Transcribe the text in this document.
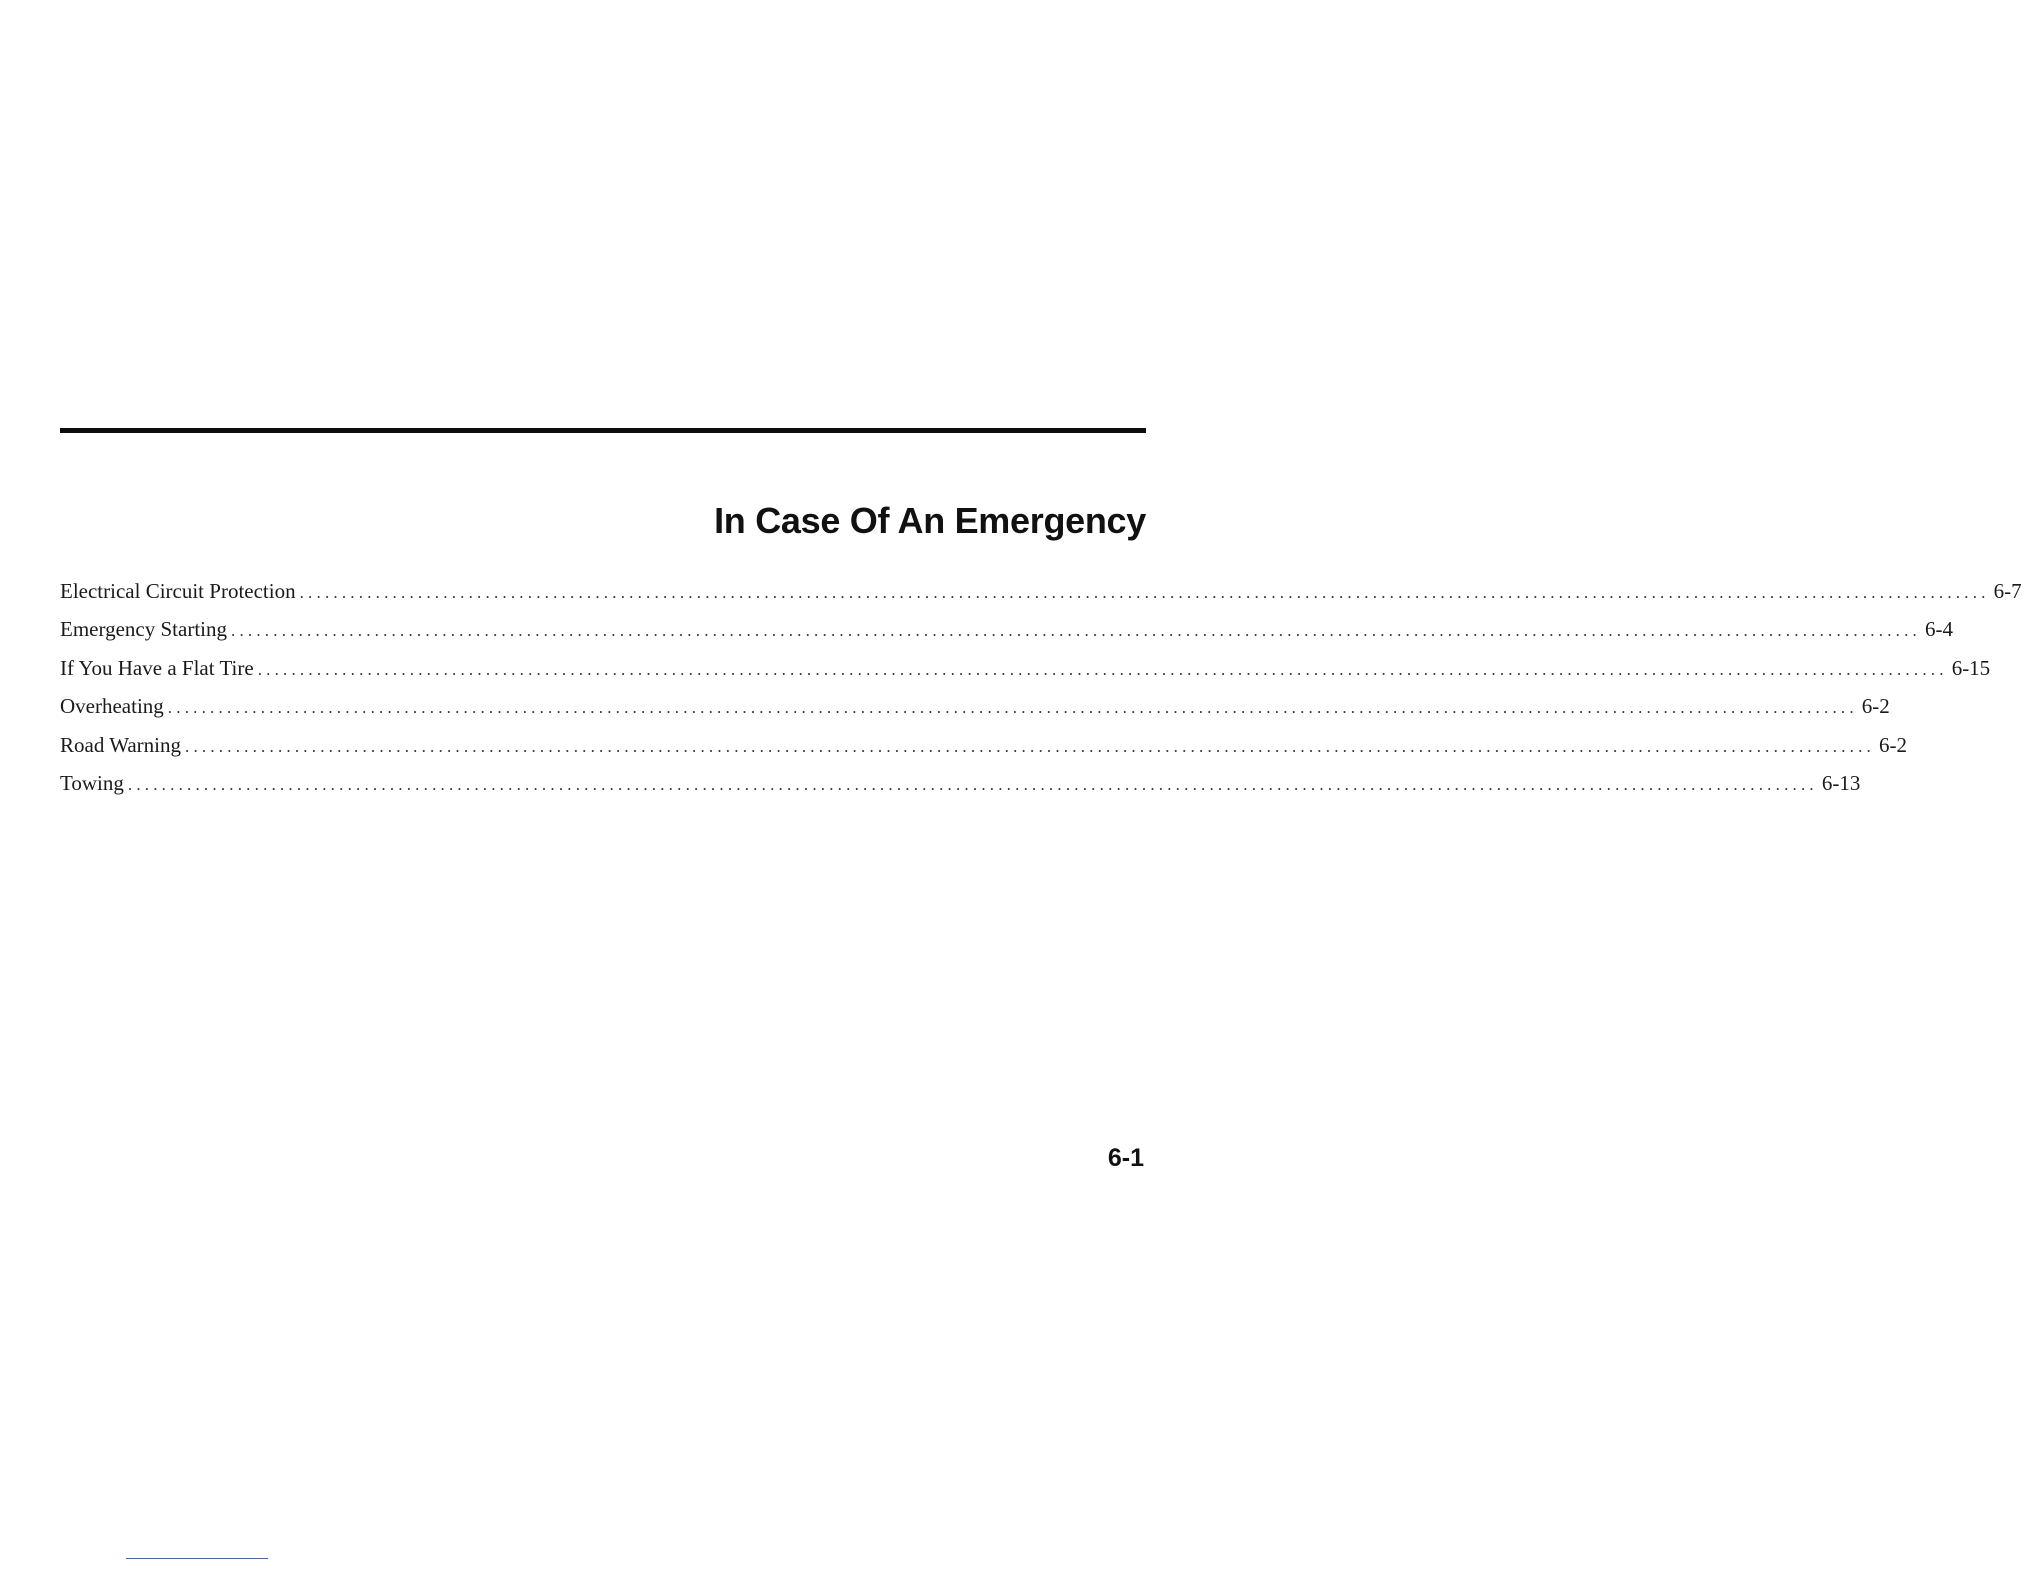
In Case Of An Emergency
Electrical Circuit Protection ........................................................................................................................................................................................................ 6-7
Emergency Starting ........................................................................................................................................................................................................ 6-4
If You Have a Flat Tire ........................................................................................................................................................................................................ 6-15
Overheating ........................................................................................................................................................................................................ 6-2
Road Warning ........................................................................................................................................................................................................ 6-2
Towing ........................................................................................................................................................................................................ 6-13
6-1
